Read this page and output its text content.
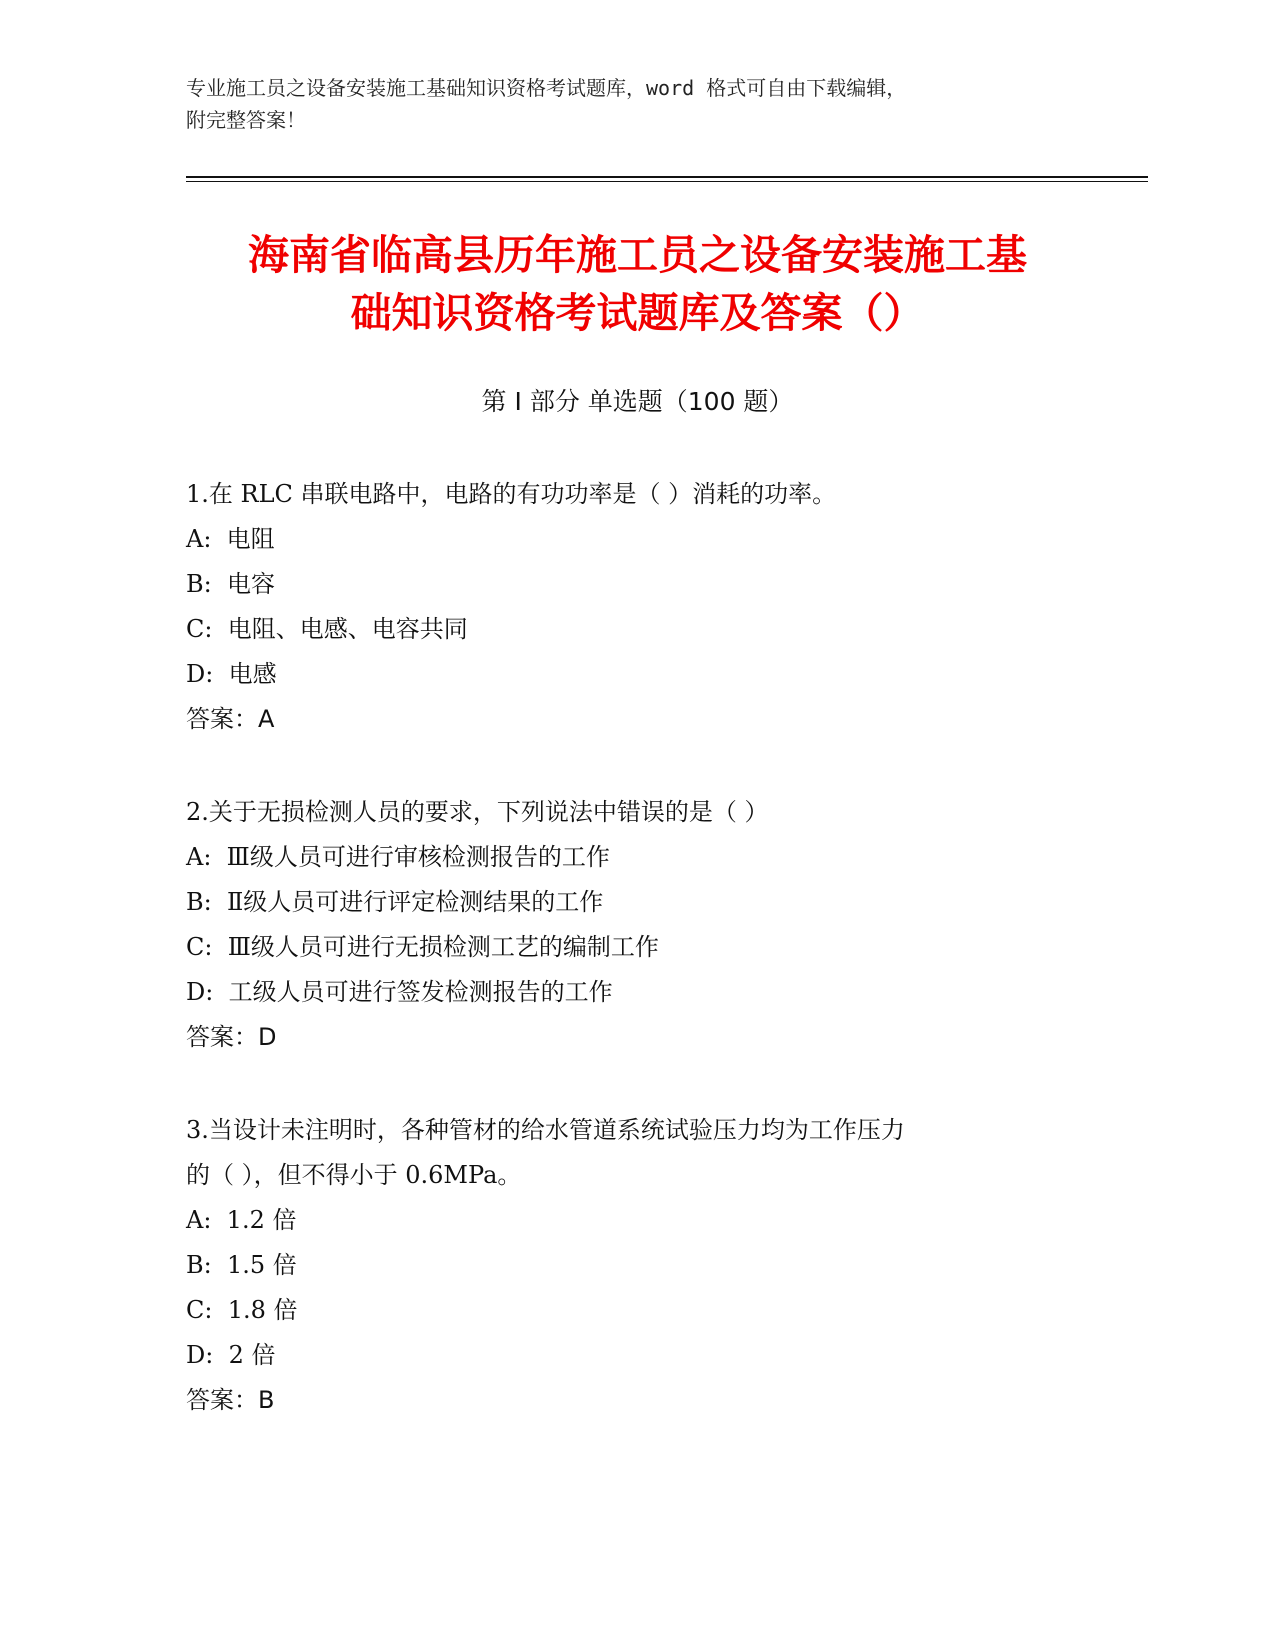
专业施工员之设备安装施工基础知识资格考试题库，word 格式可自由下载编辑，
附完整答案！
海南省临高县历年施工员之设备安装施工基
础知识资格考试题库及答案（）
第 I 部分 单选题（100 题）
1.在 RLC 串联电路中，电路的有功功率是（ ）消耗的功率。
A:  电阻
B:  电容
C:  电阻、电感、电容共同
D:  电感
答案：A
2.关于无损检测人员的要求，下列说法中错误的是（ ）
A:  Ⅲ级人员可进行审核检测报告的工作
B:  Ⅱ级人员可进行评定检测结果的工作
C:  Ⅲ级人员可进行无损检测工艺的编制工作
D:  工级人员可进行签发检测报告的工作
答案：D
3.当设计未注明时，各种管材的给水管道系统试验压力均为工作压力
的（ ），但不得小于 0.6MPa。
A:  1.2 倍
B:  1.5 倍
C:  1.8 倍
D:  2 倍
答案：B
